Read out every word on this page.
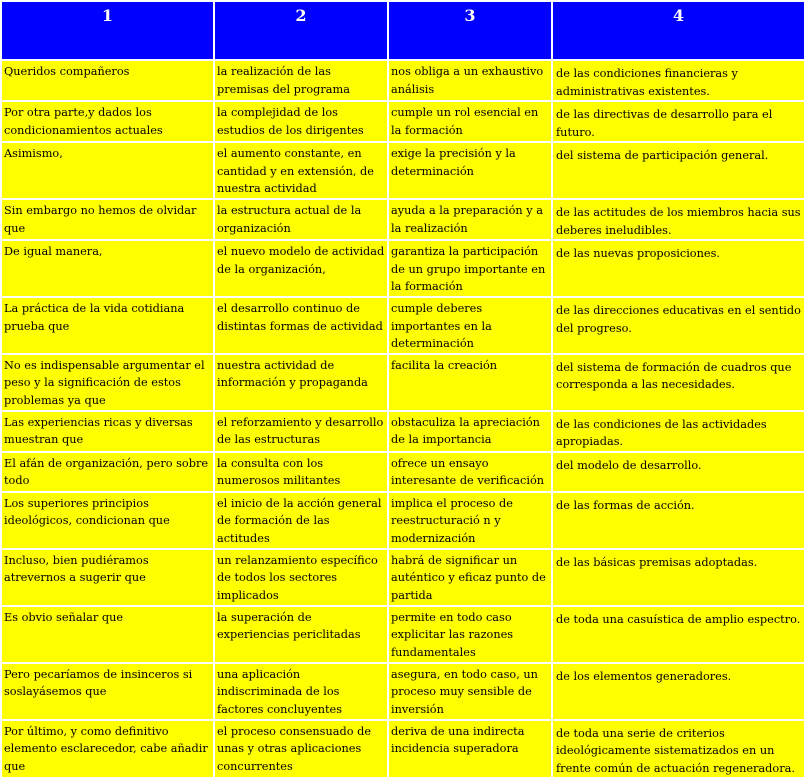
1	2	3	4
Queridos compañeros	la realización de las premisas del programa	nos obliga a un exhaustivo análisis	de las condiciones financieras y administrativas existentes.

Por otra parte,y dados los condicionamientos actuales	la complejidad de los estudios de los dirigentes	cumple un rol esencial en la formación	de las directivas de desarrollo para el futuro.

Asimismo,	el aumento constante, en cantidad y en extensión, de nuestra actividad	exige la precisión y la determinación	del sistema de participación general.

Sin embargo no hemos de olvidar que	la estructura actual de la organización	ayuda a la preparación y a la realización	de las actitudes de los miembros hacia sus deberes ineludibles.

De igual manera,	el nuevo modelo de actividad de la organización,	garantiza la participación de un grupo importante en la formación	de las nuevas proposiciones.

La práctica de la vida cotidiana prueba que	el desarrollo continuo de distintas formas de actividad	cumple deberes importantes en la determinación	de las direcciones educativas en el sentido del progreso.

No es indispensable argumentar el peso y la significación de estos problemas ya que	nuestra actividad de información y propaganda	facilita la creación	del sistema de formación de cuadros que corresponda a las necesidades.

Las experiencias ricas y diversas muestran que	el reforzamiento y desarrollo de las estructuras	obstaculiza la apreciación de la importancia	de las condiciones de las actividades apropiadas.

El afán de organización, pero sobre todo	la consulta con los numerosos militantes	ofrece un ensayo interesante de verificación	del modelo de desarrollo.

Los superiores principios ideológicos, condicionan que	el inicio de la acción general de formación de las actitudes	implica el proceso de reestructuració n y modernización	de las formas de acción.

Incluso, bien pudiéramos atrevernos a sugerir que	un relanzamiento específico de todos los sectores implicados	habrá de significar un auténtico y eficaz punto de partida	de las básicas premisas adoptadas.

Es obvio señalar que	la superación de experiencias periclitadas	permite en todo caso explicitar las razones fundamentales	de toda una casuística de amplio espectro.

Pero pecaríamos de insinceros si soslayásemos que	una aplicación indiscriminada de los factores concluyentes	asegura, en todo caso, un proceso muy sensible de inversión	de los elementos generadores.

Por último, y como definitivo elemento esclarecedor, cabe añadir que	el proceso consensuado de unas y otras aplicaciones concurrentes	deriva de una indirecta incidencia superadora	de toda una serie de criterios ideológicamente sistematizados en un frente común de actuación regeneradora.
